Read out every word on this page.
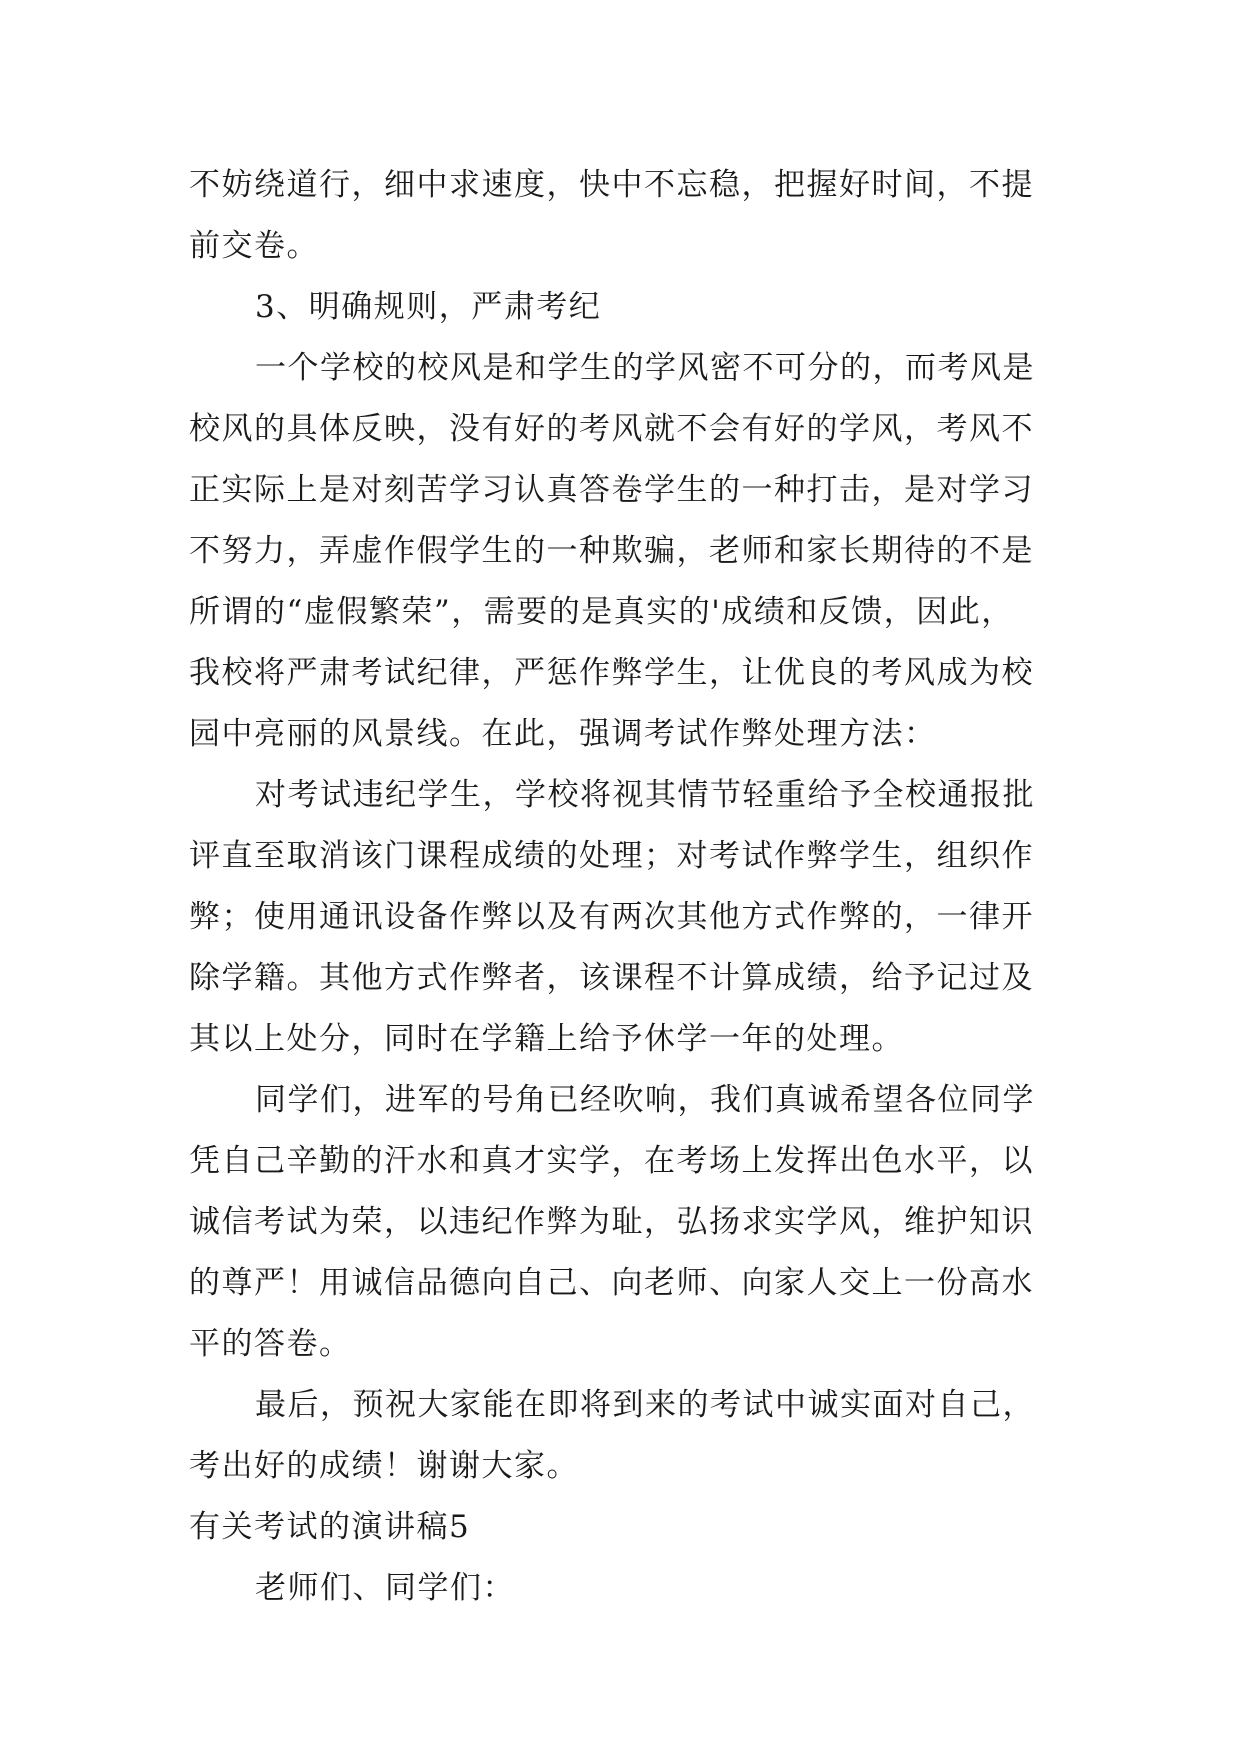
不妨绕道行，细中求速度，快中不忘稳，把握好时间，不提
前交卷。
3、明确规则，严肃考纪
一个学校的校风是和学生的学风密不可分的，而考风是
校风的具体反映，没有好的考风就不会有好的学风，考风不
正实际上是对刻苦学习认真答卷学生的一种打击，是对学习
不努力，弄虚作假学生的一种欺骗，老师和家长期待的不是
所谓的“虚假繁荣”，需要的是真实的'成绩和反馈，因此，
我校将严肃考试纪律，严惩作弊学生，让优良的考风成为校
园中亮丽的风景线。在此，强调考试作弊处理方法：
对考试违纪学生，学校将视其情节轻重给予全校通报批
评直至取消该门课程成绩的处理；对考试作弊学生，组织作
弊；使用通讯设备作弊以及有两次其他方式作弊的，一律开
除学籍。其他方式作弊者，该课程不计算成绩，给予记过及
其以上处分，同时在学籍上给予休学一年的处理。
同学们，进军的号角已经吹响，我们真诚希望各位同学
凭自己辛勤的汗水和真才实学，在考场上发挥出色水平，以
诚信考试为荣，以违纪作弊为耻，弘扬求实学风，维护知识
的尊严！用诚信品德向自己、向老师、向家人交上一份高水
平的答卷。
最后，预祝大家能在即将到来的考试中诚实面对自己，
考出好的成绩！谢谢大家。
有关考试的演讲稿5
老师们、同学们：
